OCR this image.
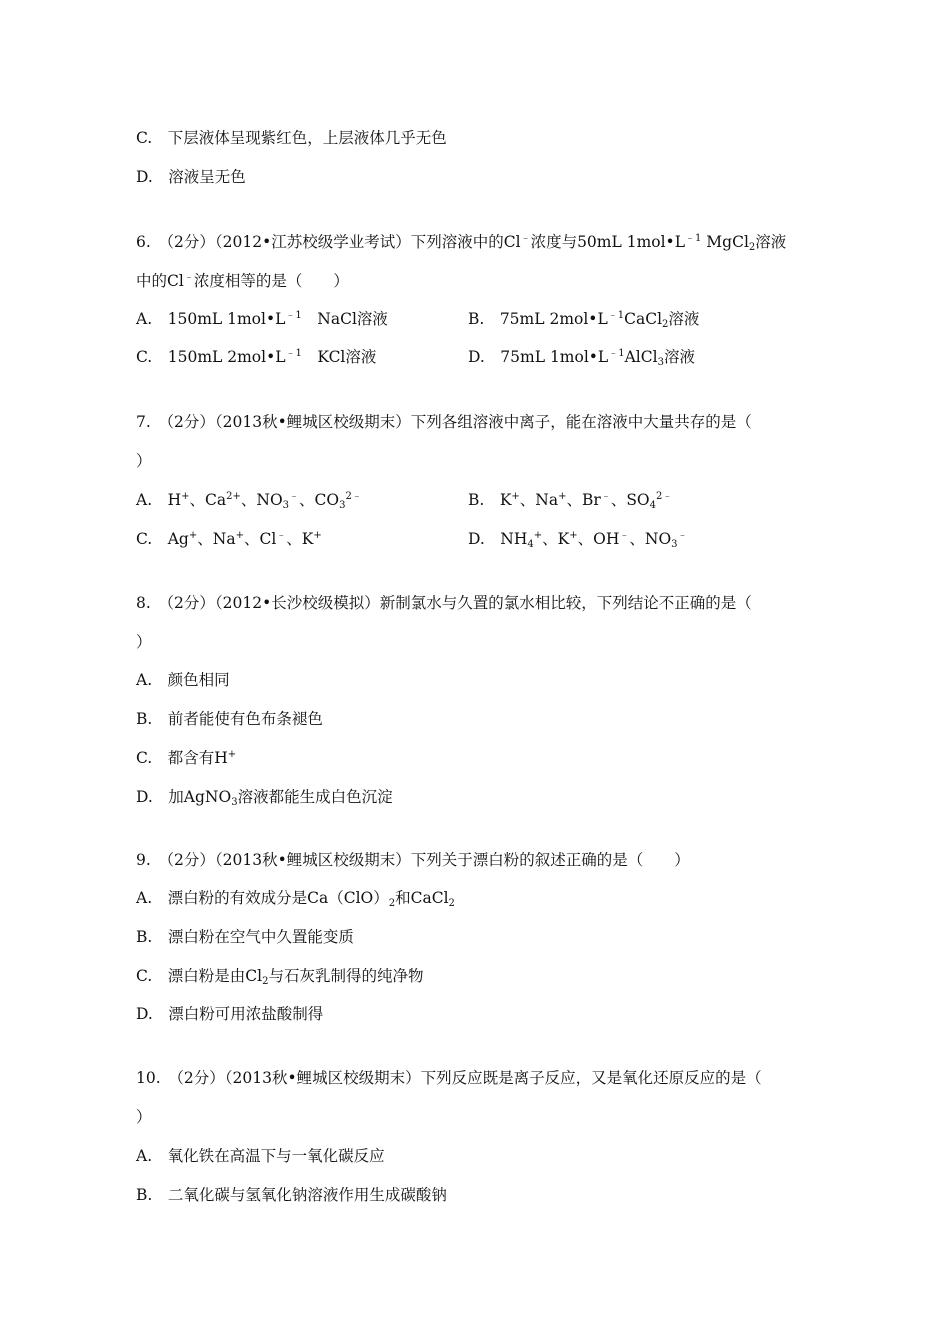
C.　下层液体呈现紫红色，上层液体几乎无色
D.　溶液呈无色
6.　（2分）（2012•江苏校级学业考试）下列溶液中的Cl﹣浓度与50mL $1mol•L^{﹣1}$ MgCl$_2$溶液
中的Cl﹣浓度相等的是（　　）
A.　150mL $1mol•L^{﹣1}$　NaCl溶液	B.　75mL $2mol•L^{﹣1}CaCl_2$溶液
C.　150mL $2mol•L^{﹣1}$　KCl溶液	D.　75mL $1mol•L^{﹣1}AlCl_3$溶液
7.　（2分）（2013秋•鲤城区校级期末）下列各组溶液中离子，能在溶液中大量共存的是（
）
A.　H+、$Ca^{2+}$、$NO_3^﹣$、$CO_3^{2﹣}$	B.　K+、Na+、Br﹣、$SO_4^{2﹣}$
C.　Ag+、Na+、Cl﹣、K+	D.　$NH_4^+$、K+、OH﹣、$NO_3^﹣$
8.　（2分）（2012•长沙校级模拟）新制氯水与久置的氯水相比较，下列结论不正确的是（
）
A.　颜色相同
B.　前者能使有色布条褪色
C.　都含有H+
D.　加AgNO$_3$溶液都能生成白色沉淀
9.　（2分）（2013秋•鲤城区校级期末）下列关于漂白粉的叙述正确的是（　　）
A.　漂白粉的有效成分是$Ca(ClO)_2$和CaCl$_2$
B.　漂白粉在空气中久置能变质
C.　漂白粉是由$Cl_2$与石灰乳制得的纯净物
D.　漂白粉可用浓盐酸制得
10.　（2分）（2013秋•鲤城区校级期末）下列反应既是离子反应，又是氧化还原反应的是（
）
A.　氧化铁在高温下与一氧化碳反应
B.　二氧化碳与氢氧化钠溶液作用生成碳酸钠
